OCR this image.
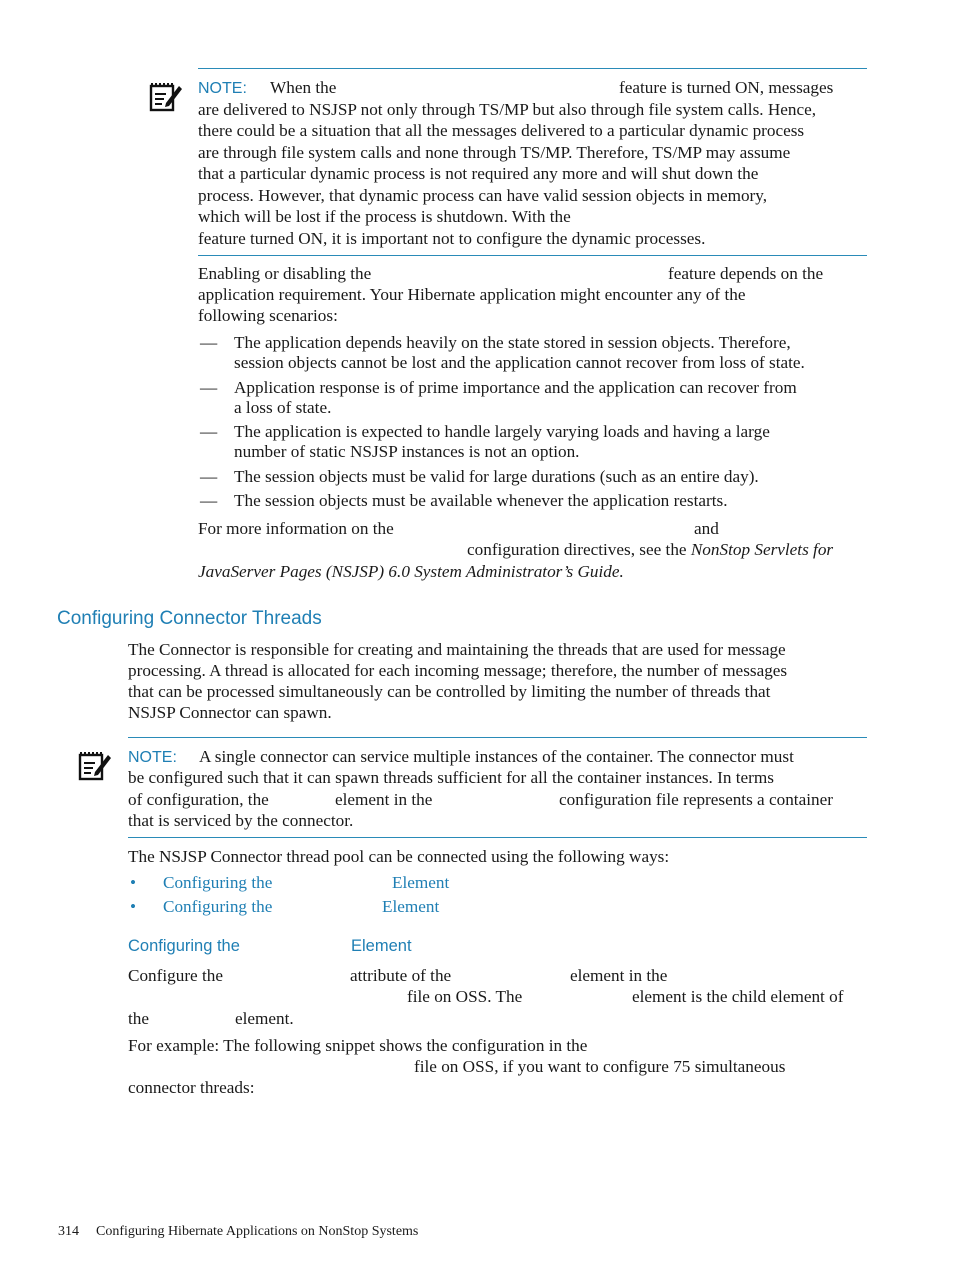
NOTE: When the	feature is turned ON, messages
are delivered to NSJSP not only through TS/MP but also through file system calls. Hence,
there could be a situation that all the messages delivered to a particular dynamic process
are through file system calls and none through TS/MP. Therefore, TS/MP may assume
that a particular dynamic process is not required any more and will shut down the
process. However, that dynamic process can have valid session objects in memory,
which will be lost if the process is shutdown. With the
feature turned ON, it is important not to configure the dynamic processes.
Enabling or disabling the	feature depends on the
application requirement. Your Hibernate application might encounter any of the
following scenarios:
— The application depends heavily on the state stored in session objects. Therefore,
session objects cannot be lost and the application cannot recover from loss of state.
— Application response is of prime importance and the application can recover from
a loss of state.
— The application is expected to handle largely varying loads and having a large
number of static NSJSP instances is not an option.
— The session objects must be valid for large durations (such as an entire day).
— The session objects must be available whenever the application restarts.
For more information on the	and
configuration directives, see the NonStop Servlets for
JavaServer Pages (NSJSP) 6.0 System Administrator’s Guide.
Configuring Connector Threads
The Connector is responsible for creating and maintaining the threads that are used for message
processing. A thread is allocated for each incoming message; therefore, the number of messages
that can be processed simultaneously can be controlled by limiting the number of threads that
NSJSP Connector can spawn.
NOTE: A single connector can service multiple instances of the container. The connector must
be configured such that it can spawn threads sufficient for all the container instances. In terms
of configuration, the	element in the	configuration file represents a container
that is serviced by the connector.
The NSJSP Connector thread pool can be connected using the following ways:
• Configuring the	Element
• Configuring the	Element
Configuring the	Element
Configure the	attribute of the	element in the
file on OSS. The	element is the child element of
the	element.
For example: The following snippet shows the configuration in the
file on OSS, if you want to configure 75 simultaneous
connector threads:
314 Configuring Hibernate Applications on NonStop Systems
